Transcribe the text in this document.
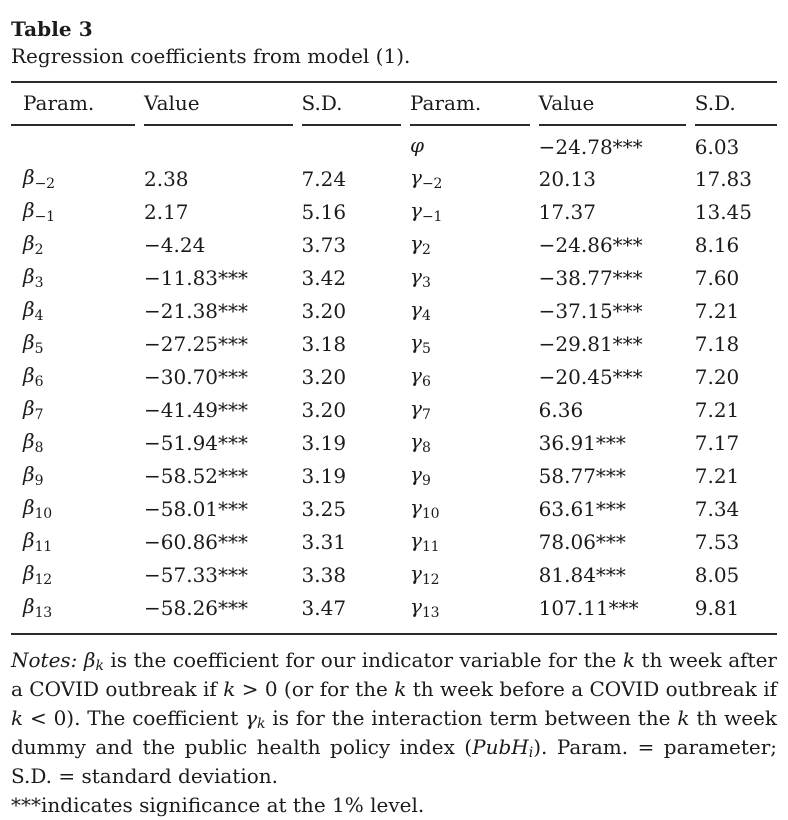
Table 3
Regression coefficients from model (1).
Param.	Value	S.D.	Param.	Value	S.D.
			φ	−24.78***	6.03
$\beta_{-2}$	2.38	7.24	$\gamma_{-2}$	20.13	17.83
$\beta_{-1}$	2.17	5.16	$\gamma_{-1}$	17.37	13.45
$\beta_2$	−4.24	3.73	$\gamma_2$	−24.86***	8.16
$\beta_3$	−11.83***	3.42	$\gamma_3$	−38.77***	7.60
$\beta_4$	−21.38***	3.20	$\gamma_4$	−37.15***	7.21
$\beta_5$	−27.25***	3.18	$\gamma_5$	−29.81***	7.18
$\beta_6$	−30.70***	3.20	$\gamma_6$	−20.45***	7.20
$\beta_7$	−41.49***	3.20	$\gamma_7$	6.36	7.21
$\beta_8$	−51.94***	3.19	$\gamma_8$	36.91***	7.17
$\beta_9$	−58.52***	3.19	$\gamma_9$	58.77***	7.21
$\beta_{10}$	−58.01***	3.25	$\gamma_{10}$	63.61***	7.34
$\beta_{11}$	−60.86***	3.31	$\gamma_{11}$	78.06***	7.53
$\beta_{12}$	−57.33***	3.38	$\gamma_{12}$	81.84***	8.05
$\beta_{13}$	−58.26***	3.47	$\gamma_{13}$	107.11***	9.81
Notes: $\beta_k$ is the coefficient for our indicator variable for the k th week after a COVID outbreak if k > 0 (or for the k th week before a COVID outbreak if k < 0). The coefficient $\gamma_k$ is for the interaction term between the k th week dummy and the public health policy index (PubH$_i$). Param. = parameter; S.D. = standard deviation.
***indicates significance at the 1% level.
